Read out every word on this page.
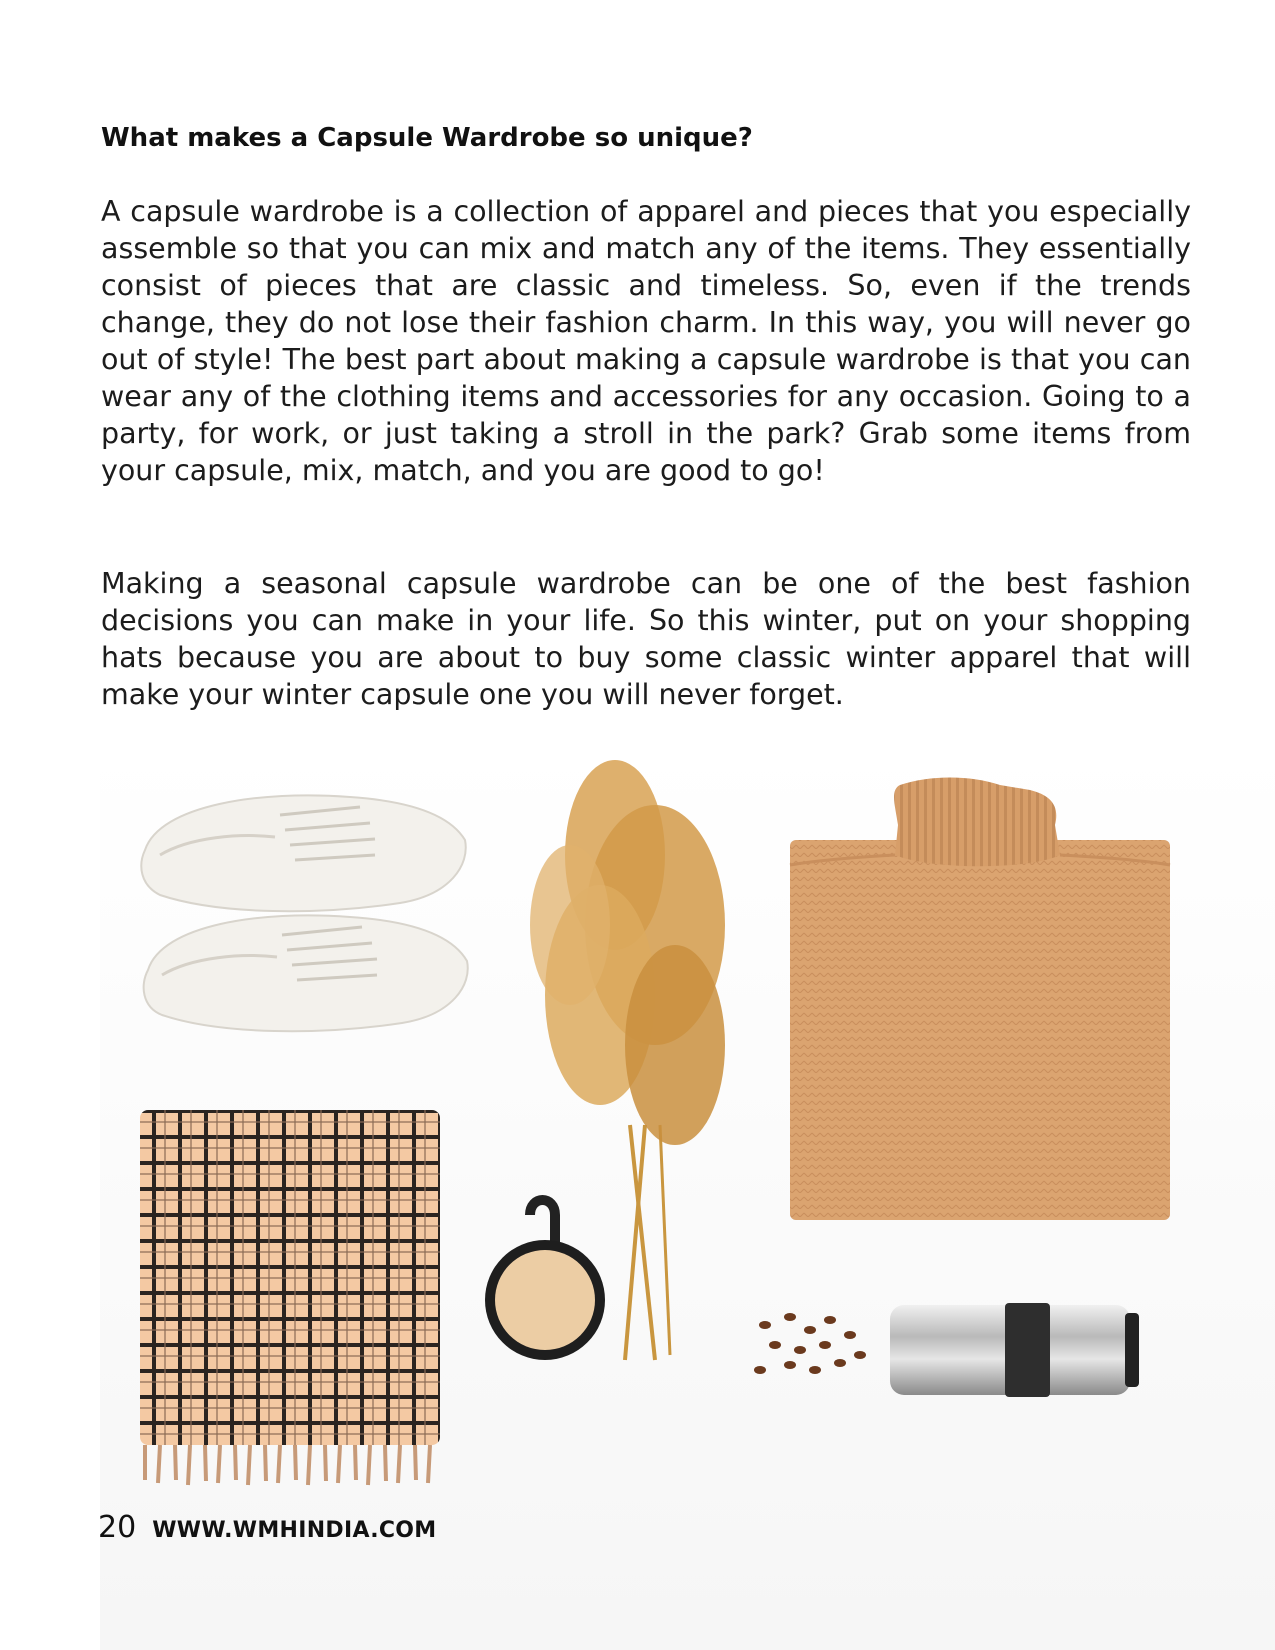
What makes a Capsule Wardrobe so unique?

A capsule wardrobe is a collection of apparel and pieces that you especially assemble so that you can mix and match any of the items. They essentially consist of pieces that are classic and timeless. So, even if the trends change, they do not lose their fashion charm. In this way, you will never go out of style! The best part about making a capsule wardrobe is that you can wear any of the clothing items and accessories for any occasion. Going to a party, for work, or just taking a stroll in the park? Grab some items from your capsule, mix, match, and you are good to go!

Making a seasonal capsule wardrobe can be one of the best fashion decisions you can make in your life. So this winter, put on your shopping hats because you are about to buy some classic winter apparel that will make your winter capsule one you will never forget.

20 WWW.WMHINDIA.COM
